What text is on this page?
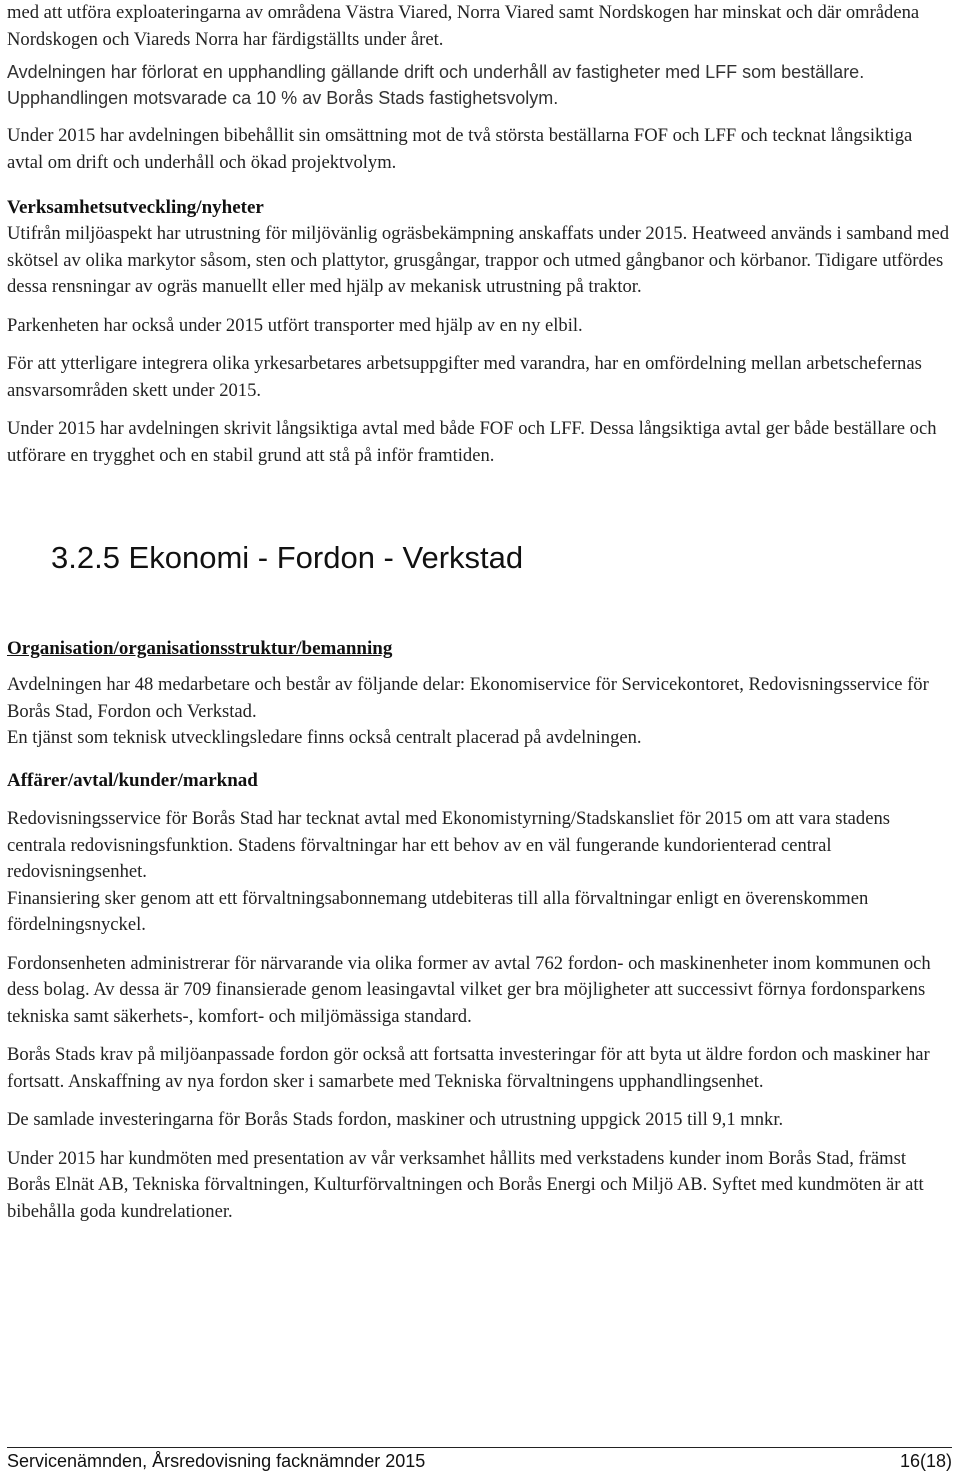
med att utföra exploateringarna av områdena Västra Viared, Norra Viared samt Nordskogen har minskat och där områdena Nordskogen och Viareds Norra har färdigställts under året.

Avdelningen har förlorat en upphandling gällande drift och underhåll av fastigheter med LFF som beställare. Upphandlingen motsvarade ca 10 % av Borås Stads fastighetsvolym.

Under 2015 har avdelningen bibehållit sin omsättning mot de två största beställarna FOF och LFF och tecknat långsiktiga avtal om drift och underhåll och ökad projektvolym.

Verksamhetsutveckling/nyheter

Utifrån miljöaspekt har utrustning för miljövänlig ogräsbekämpning anskaffats under 2015. Heatweed används i samband med skötsel av olika markytor såsom, sten och plattytor, grusgångar, trappor och utmed gångbanor och körbanor. Tidigare utfördes dessa rensningar av ogräs manuellt eller med hjälp av mekanisk utrustning på traktor.

Parkenheten har också under 2015 utfört transporter med hjälp av en ny elbil.

För att ytterligare integrera olika yrkesarbetares arbetsuppgifter med varandra, har en omfördelning mellan arbetschefernas ansvarsområden skett under 2015.

Under 2015 har avdelningen skrivit långsiktiga avtal med både FOF och LFF. Dessa långsiktiga avtal ger både beställare och utförare en trygghet och en stabil grund att stå på inför framtiden.

3.2.5 Ekonomi - Fordon - Verkstad
Organisation/organisationsstruktur/bemanning

Avdelningen har 48 medarbetare och består av följande delar: Ekonomiservice för Servicekontoret, Redovisningsservice för Borås Stad, Fordon och Verkstad.

En tjänst som teknisk utvecklingsledare finns också centralt placerad på avdelningen.

Affärer/avtal/kunder/marknad

Redovisningsservice för Borås Stad har tecknat avtal med Ekonomistyrning/Stadskansliet för 2015 om att vara stadens centrala redovisningsfunktion. Stadens förvaltningar har ett behov av en väl fungerande kundorienterad central redovisningsenhet.

Finansiering sker genom att ett förvaltningsabonnemang utdebiteras till alla förvaltningar enligt en överenskommen fördelningsnyckel.

Fordonsenheten administrerar för närvarande via olika former av avtal 762 fordon- och maskinenheter inom kommunen och dess bolag. Av dessa är 709 finansierade genom leasingavtal vilket ger bra möjligheter att successivt förnya fordonsparkens tekniska samt säkerhets-, komfort- och miljömässiga standard.

Borås Stads krav på miljöanpassade fordon gör också att fortsatta investeringar för att byta ut äldre fordon och maskiner har fortsatt. Anskaffning av nya fordon sker i samarbete med Tekniska förvaltningens upphandlingsenhet.

De samlade investeringarna för Borås Stads fordon, maskiner och utrustning uppgick 2015 till 9,1 mnkr.

Under 2015 har kundmöten med presentation av vår verksamhet hållits med verkstadens kunder inom Borås Stad, främst Borås Elnät AB, Tekniska förvaltningen, Kulturförvaltningen och Borås Energi och Miljö AB. Syftet med kundmöten är att bibehålla goda kundrelationer.

Servicenämnden, Årsredovisning facknämnder 2015	16(18)
